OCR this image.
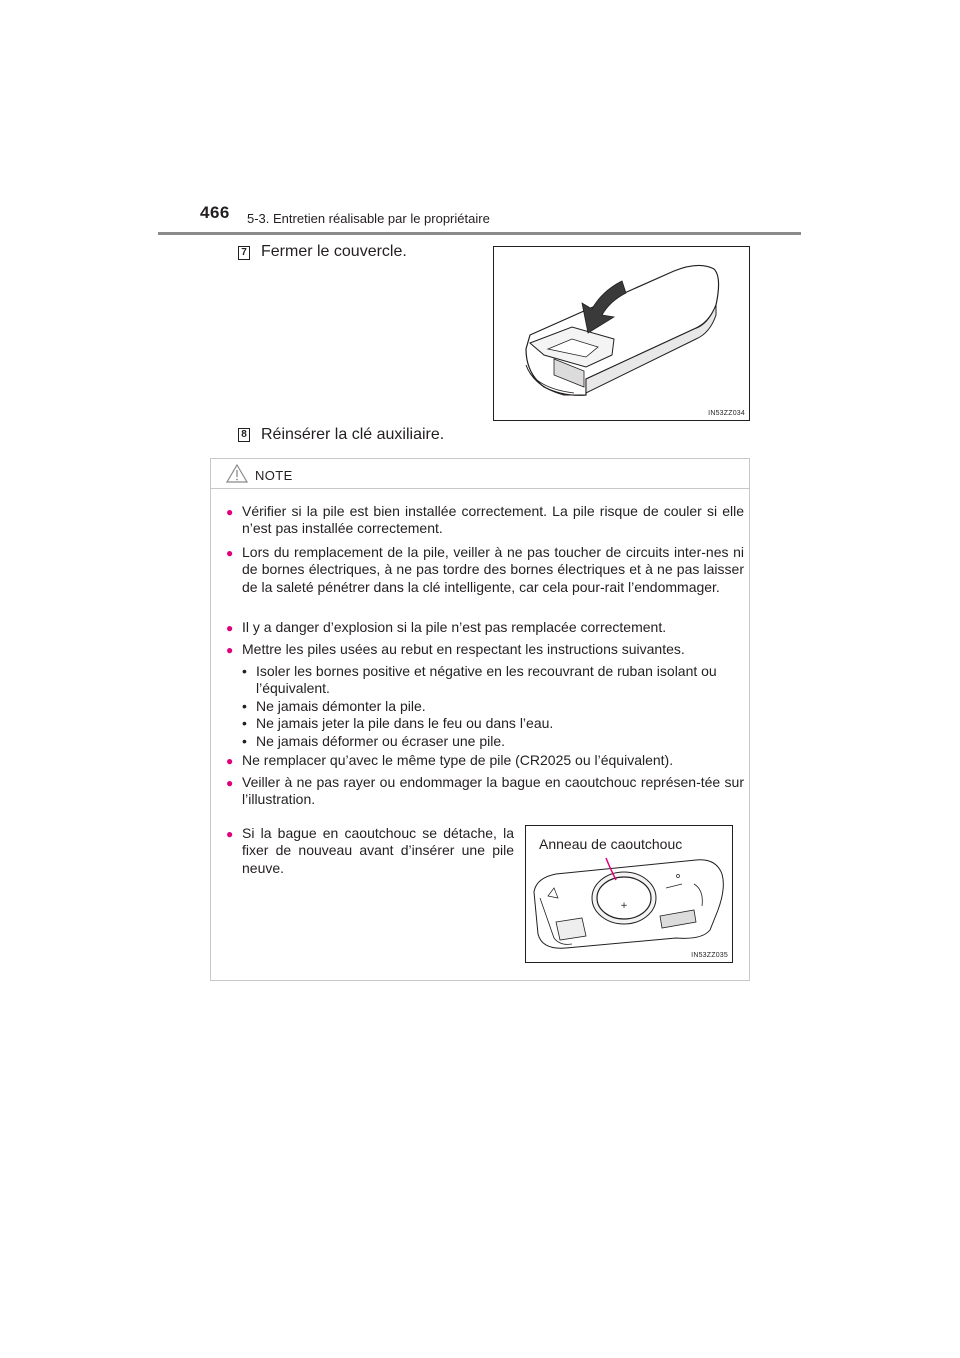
466 5-3. Entretien réalisable par le propriétaire
7 Fermer le couvercle.
IN53ZZ034
8 Réinsérer la clé auxiliaire.
NOTE
● Vérifier si la pile est bien installée correctement. La pile risque de couler si elle n’est pas installée correctement.
● Lors du remplacement de la pile, veiller à ne pas toucher de circuits inter-nes ni de bornes électriques, à ne pas tordre des bornes électriques et à ne pas laisser de la saleté pénétrer dans la clé intelligente, car cela pour-rait l’endommager.
● Il y a danger d’explosion si la pile n’est pas remplacée correctement.
● Mettre les piles usées au rebut en respectant les instructions suivantes.
• Isoler les bornes positive et négative en les recouvrant de ruban isolant ou l’équivalent.
• Ne jamais démonter la pile.
• Ne jamais jeter la pile dans le feu ou dans l’eau.
• Ne jamais déformer ou écraser une pile.
● Ne remplacer qu’avec le même type de pile (CR2025 ou l’équivalent).
● Veiller à ne pas rayer ou endommager la bague en caoutchouc représen-tée sur l’illustration.
● Si la bague en caoutchouc se détache, la fixer de nouveau avant d’insérer une pile neuve.
Anneau de caoutchouc
+
IN53ZZ035
